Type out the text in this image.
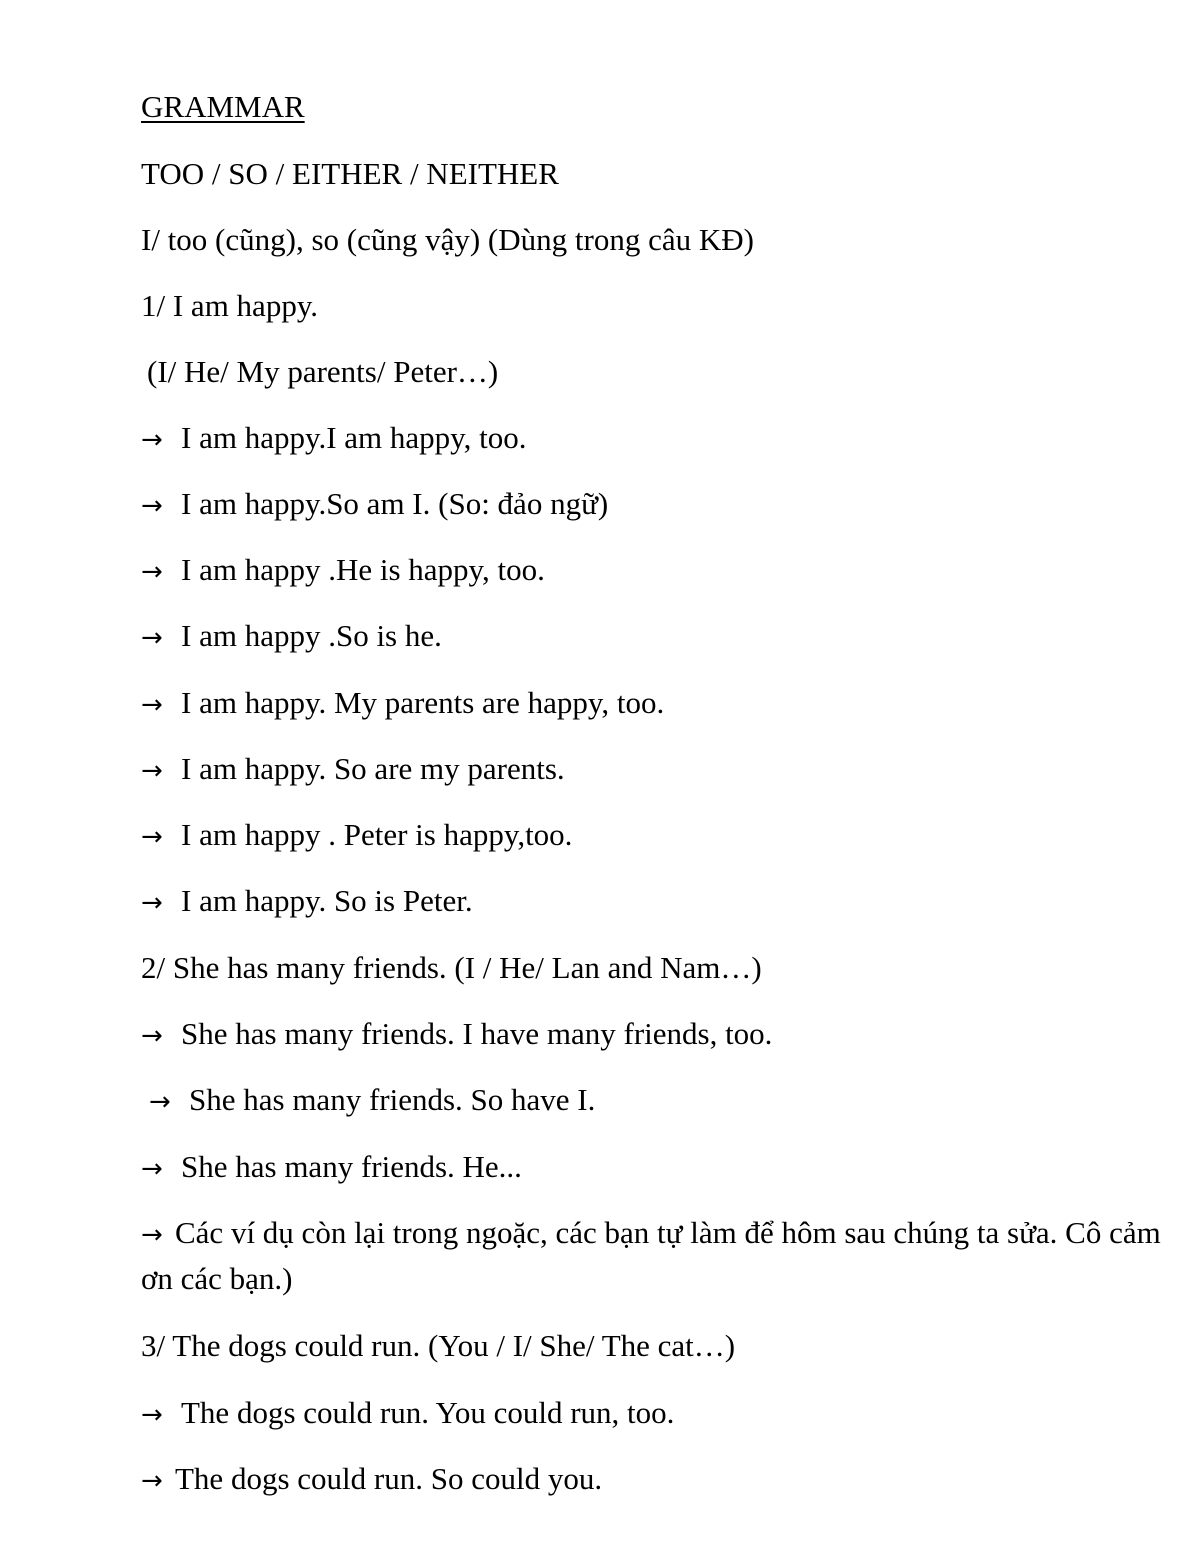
GRAMMAR
TOO / SO / EITHER / NEITHER
I/ too (cũng), so (cũng vậy) (Dùng trong câu KĐ)
1/ I am happy.
(I/ He/ My parents/ Peter…)
→ I am happy.I am happy, too.
→ I am happy.So am I. (So: đảo ngữ)
→ I am happy .He is happy, too.
→ I am happy .So is he.
→ I am happy. My parents are happy, too.
→ I am happy. So are my parents.
→ I am happy . Peter is happy,too.
→ I am happy. So is Peter.
2/ She has many friends. (I / He/ Lan and Nam…)
→ She has many friends. I have many friends, too.
→ She has many friends. So have I.
→ She has many friends. He...
→ Các ví dụ còn lại trong ngoặc, các bạn tự làm để hôm sau chúng ta sửa. Cô cảm ơn các bạn.)
3/ The dogs could run. (You / I/ She/ The cat…)
→ The dogs could run. You could run, too.
→ The dogs could run. So could you.
